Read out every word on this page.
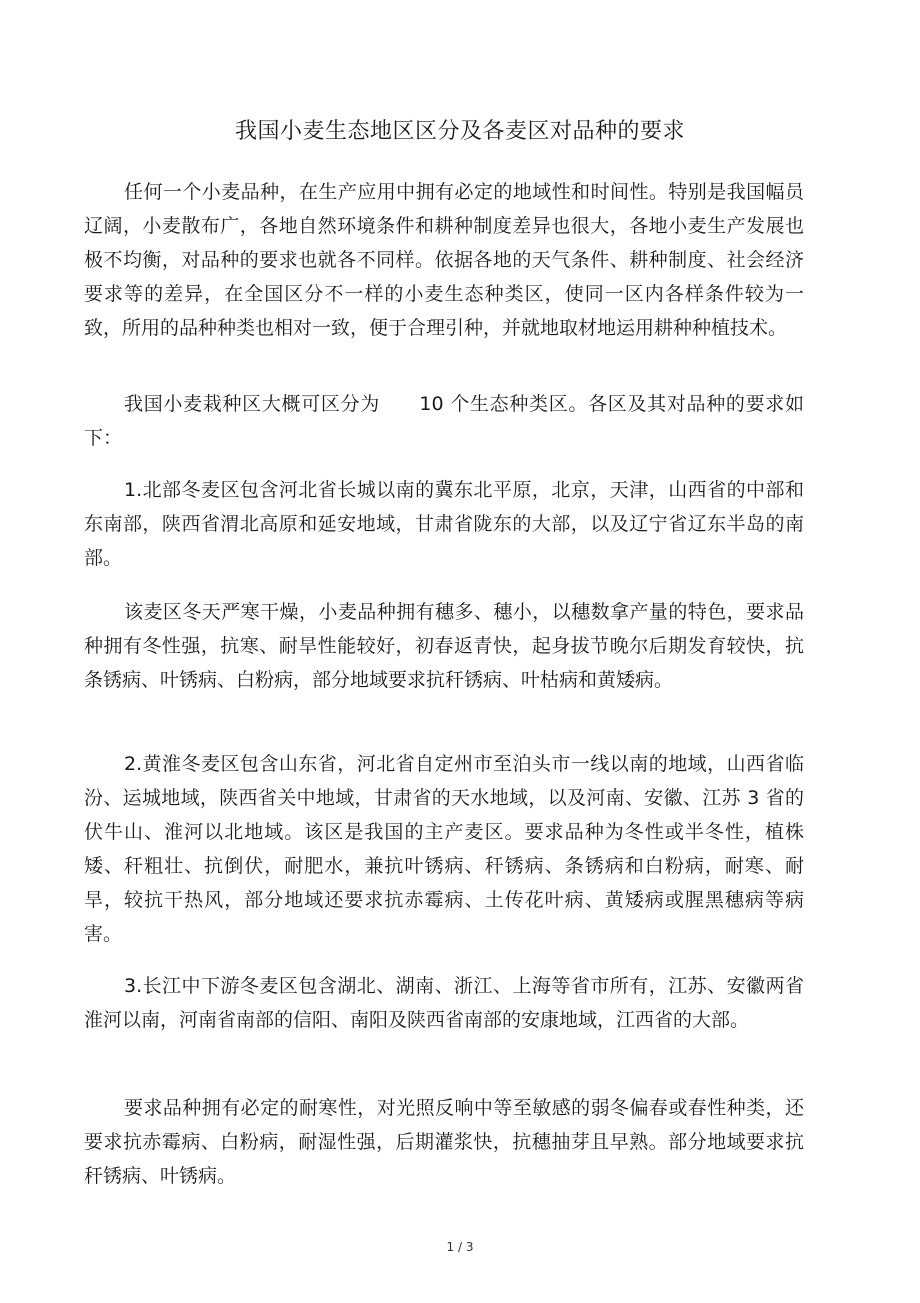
我国小麦生态地区区分及各麦区对品种的要求

任何一个小麦品种，在生产应用中拥有必定的地域性和时间性。特别是我国幅员辽阔，小麦散布广，各地自然环境条件和耕种制度差异也很大，各地小麦生产发展也极不均衡，对品种的要求也就各不同样。依据各地的天气条件、耕种制度、社会经济要求等的差异，在全国区分不一样的小麦生态种类区，使同一区内各样条件较为一致，所用的品种种类也相对一致，便于合理引种，并就地取材地运用耕种种植技术。

我国小麦栽种区大概可区分为　　10 个生态种类区。各区及其对品种的要求如下：

1.北部冬麦区包含河北省长城以南的冀东北平原，北京，天津，山西省的中部和东南部，陕西省渭北高原和延安地域，甘肃省陇东的大部，以及辽宁省辽东半岛的南部。

该麦区冬天严寒干燥，小麦品种拥有穗多、穗小，以穗数拿产量的特色，要求品种拥有冬性强，抗寒、耐旱性能较好，初春返青快，起身拔节晚尔后期发育较快，抗条锈病、叶锈病、白粉病，部分地域要求抗秆锈病、叶枯病和黄矮病。

2.黄淮冬麦区包含山东省，河北省自定州市至泊头市一线以南的地域，山西省临汾、运城地域，陕西省关中地域，甘肃省的天水地域，以及河南、安徽、江苏 3 省的伏牛山、淮河以北地域。该区是我国的主产麦区。要求品种为冬性或半冬性，植株矮、秆粗壮、抗倒伏，耐肥水，兼抗叶锈病、秆锈病、条锈病和白粉病，耐寒、耐旱，较抗干热风，部分地域还要求抗赤霉病、土传花叶病、黄矮病或腥黑穗病等病害。

3.长江中下游冬麦区包含湖北、湖南、浙江、上海等省市所有，江苏、安徽两省淮河以南，河南省南部的信阳、南阳及陕西省南部的安康地域，江西省的大部。

要求品种拥有必定的耐寒性，对光照反响中等至敏感的弱冬偏春或春性种类，还要求抗赤霉病、白粉病，耐湿性强，后期灌浆快，抗穗抽芽且早熟。部分地域要求抗秆锈病、叶锈病。

1 / 3
